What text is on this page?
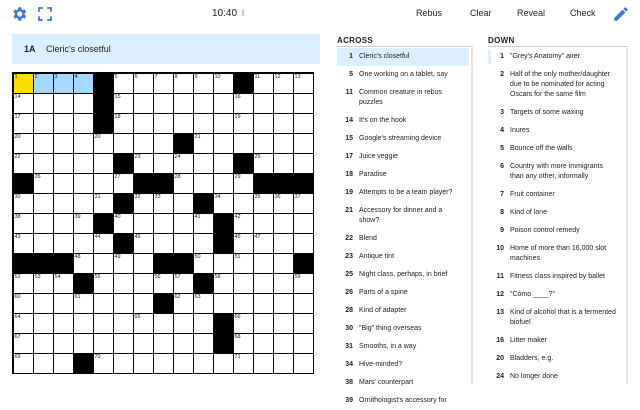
10:40 II	Rebus	Clear	Reveal	Check
1A Cleric's closetful
1	2	3	4	5	6	7	8	9	10	11	12	13
14	15	16
17	18	19
20	20	21
22	23	24	25
26	27	28	29
30	31	32	33	34	35	36	37
38	39	40	41	42
43	44	45	46	47
48	49	50	51
52	53	54	55	56	57	58	59
60	61	62	63
64	65	66
67	68
69	70	71
ACROSS
1 Cleric's closetful
5 One working on a tablet, say
11 Common creature in rebus puzzles
14 It's on the hook
15 Google's streaming device
17 Juice veggie
18 Paradise
19 Attempts to be a team player?
21 Accessory for dinner and a show?
22 Blend
23 Antique tint
25 Night class, perhaps, in brief
26 Parts of a spine
28 Kind of adapter
30 "Big" thing overseas
31 Smooths, in a way
34 Hive-minded?
38 Mars' counterpart
39 Ornithologist's accessory for
DOWN
1 "Grey's Anatomy" airer
2 Half of the only mother/daughter due to be nominated for acting Oscars for the same film
3 Targets of some waxing
4 Inures
5 Bounce off the walls
6 Country with more immigrants than any other, informally
7 Fruit container
8 Kind of lane
9 Poison control remedy
10 Home of more than 16,000 slot machines
11 Fitness class inspired by ballet
12 "Cómo ____?"
13 Kind of alcohol that is a fermented biofuel
16 Litter maker
20 Bladders, e.g.
24 No longer done
